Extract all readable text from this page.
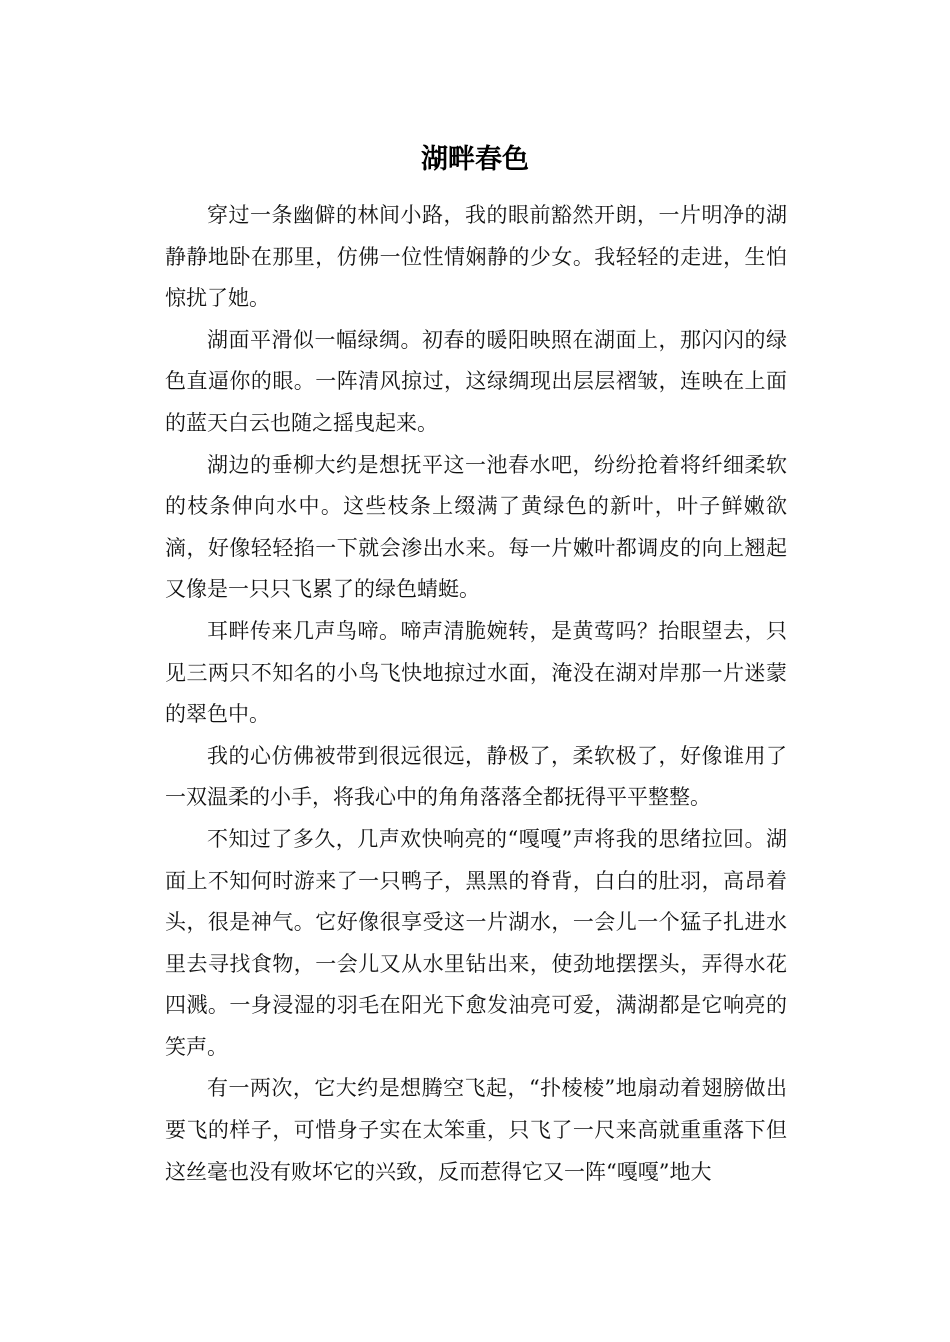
湖畔春色

穿过一条幽僻的林间小路，我的眼前豁然开朗，一片明净的湖静静地卧在那里，仿佛一位性情娴静的少女。我轻轻的走进，生怕惊扰了她。

湖面平滑似一幅绿绸。初春的暖阳映照在湖面上，那闪闪的绿色直逼你的眼。一阵清风掠过，这绿绸现出层层褶皱，连映在上面的蓝天白云也随之摇曳起来。

湖边的垂柳大约是想抚平这一池春水吧，纷纷抢着将纤细柔软的枝条伸向水中。这些枝条上缀满了黄绿色的新叶，叶子鲜嫩欲滴，好像轻轻掐一下就会渗出水来。每一片嫩叶都调皮的向上翘起又像是一只只飞累了的绿色蜻蜓。

耳畔传来几声鸟啼。啼声清脆婉转，是黄莺吗？抬眼望去，只见三两只不知名的小鸟飞快地掠过水面，淹没在湖对岸那一片迷蒙的翠色中。

我的心仿佛被带到很远很远，静极了，柔软极了，好像谁用了一双温柔的小手，将我心中的角角落落全都抚得平平整整。

不知过了多久，几声欢快响亮的“嘎嘎”声将我的思绪拉回。湖面上不知何时游来了一只鸭子，黑黑的脊背，白白的肚羽，高昂着头，很是神气。它好像很享受这一片湖水，一会儿一个猛子扎进水里去寻找食物，一会儿又从水里钻出来，使劲地摆摆头，弄得水花四溅。一身浸湿的羽毛在阳光下愈发油亮可爱，满湖都是它响亮的笑声。

有一两次，它大约是想腾空飞起，“扑棱棱”地扇动着翅膀做出要飞的样子，可惜身子实在太笨重，只飞了一尺来高就重重落下但这丝毫也没有败坏它的兴致，反而惹得它又一阵“嘎嘎”地大
